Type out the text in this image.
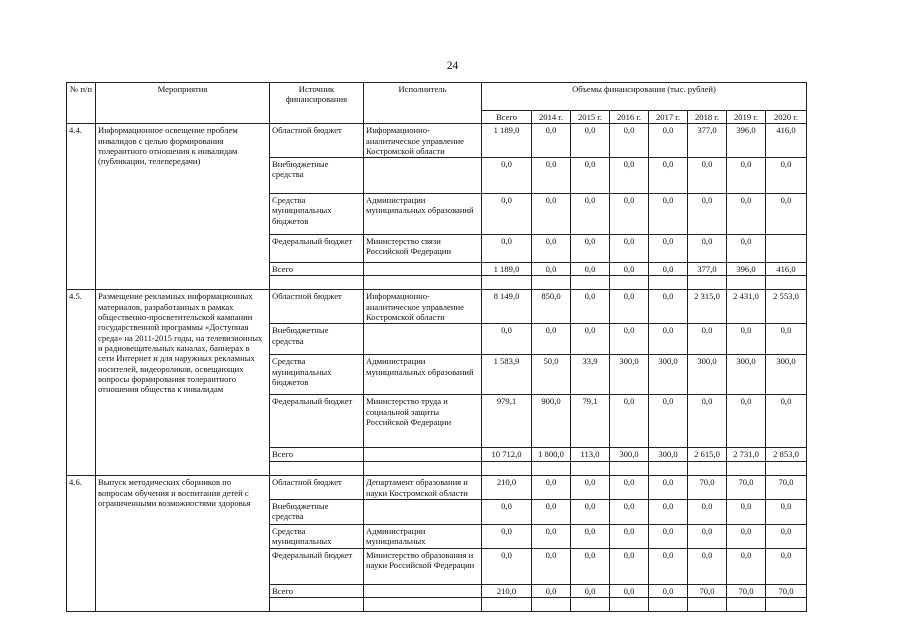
24
№ п/п	Мероприятия	Источник финансирования	Исполнитель	Объемы финансирования (тыс. рублей)							
				Всего	2014 г.	2015 г.	2016 г.	2017 г.	2018 г.	2019 г.	2020 г.
4.4.	Информационное освещение проблем инвалидов с целью формирования толерантного отношения к инвалидам (публикации, телепередачи)	Областной бюджет	Информационно-аналитическое управление Костромской области	1 189,0	0,0	0,0	0,0	0,0	377,0	396,0	416,0
		Внебюджетные средства		0,0	0,0	0,0	0,0	0,0	0,0	0,0	0,0
		Средства муниципальных бюджетов	Администрации муниципальных образований	0,0	0,0	0,0	0,0	0,0	0,0	0,0	0,0
		Федеральный бюджет	Министерство связи Российской Федерации	0,0	0,0	0,0	0,0	0,0	0,0	0,0	
		Всего		1 189,0	0,0	0,0	0,0	0,0	377,0	396,0	416,0

4.5.	Размещение рекламных информационных материалов, разработанных в рамках общественно-просветительской кампании государственной программы «Доступная среда» на 2011-2015 годы, на телевизионных и радиовещательных каналах, баннерах в сети Интернет и для наружных рекламных носителей, видеороликов, освещающих вопросы формирования толерантного отношения общества к инвалидам	Областной бюджет	Информационно-аналитическое управление Костромской области	8 149,0	850,0	0,0	0,0	0,0	2 315,0	2 431,0	2 553,0
		Внебюджетные средства		0,0	0,0	0,0	0,0	0,0	0,0	0,0	0,0
		Средства муниципальных бюджетов	Администрации муниципальных образований	1 583,9	50,0	33,9	300,0	300,0	300,0	300,0	300,0
		Федеральный бюджет	Министерство труда и социальной защиты Российской Федерации	979,1	900,0	79,1	0,0	0,0	0,0	0,0	0,0
		Всего		10 712,0	1 800,0	113,0	300,0	300,0	2 615,0	2 731,0	2 853,0

4.6.	Выпуск методических сборников по вопросам обучения и воспитания детей с ограниченными возможностями здоровья	Областной бюджет	Департамент образования и науки Костромской области	210,0	0,0	0,0	0,0	0,0	70,0	70,0	70,0
		Внебюджетные средства		0,0	0,0	0,0	0,0	0,0	0,0	0,0	0,0
		Средства муниципальных	Администрации муниципальных	0,0	0,0	0,0	0,0	0,0	0,0	0,0	0,0
		Федеральный бюджет	Министерство образования и науки Российской Федерации	0,0	0,0	0,0	0,0	0,0	0,0	0,0	0,0
		Всего		210,0	0,0	0,0	0,0	0,0	70,0	70,0	70,0
